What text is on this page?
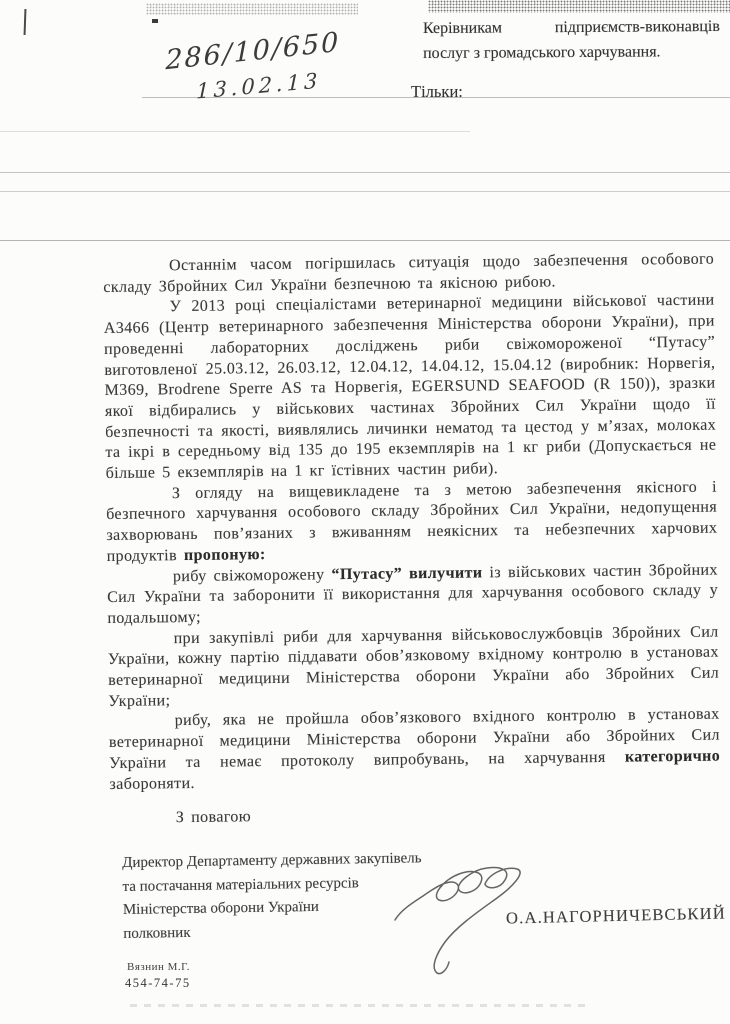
Керівникам підприємств-виконавців послуг з громадського харчування.
286/10/650
13.02.13	Тільки:

Останнім часом погіршилась ситуація щодо забезпечення особового складу Збройних Сил України безпечною та якісною рибою.

У 2013 році спеціалістами ветеринарної медицини військової частини А3466 (Центр ветеринарного забезпечення Міністерства оборони України), при проведенні лабораторних досліджень риби свіжомороженої “Путасу” виготовленої 25.03.12, 26.03.12, 12.04.12, 14.04.12, 15.04.12 (виробник: Норвегія, М369, Brodrene Sperre AS та Норвегія, EGERSUND SEAFOOD (R 150)), зразки якої відбирались у військових частинах Збройних Сил України щодо її безпечності та якості, виявлялись личинки нематод та цестод у м’язах, молоках та ікрі в середньому від 135 до 195 екземплярів на 1 кг риби (Допускається не більше 5 екземплярів на 1 кг їстівних частин риби).

З огляду на вищевикладене та з метою забезпечення якісного і безпечного харчування особового складу Збройних Сил України, недопущення захворювань пов’язаних з вживанням неякісних та небезпечних харчових продуктів пропоную:

рибу свіжоморожену “Путасу” вилучити із військових частин Збройних Сил України та заборонити її використання для харчування особового складу у подальшому;

при закупівлі риби для харчування військовослужбовців Збройних Сил України, кожну партію піддавати обов’язковому вхідному контролю в установах ветеринарної медицини Міністерства оборони України або Збройних Сил України;

рибу, яка не пройшла обов’язкового вхідного контролю в установах ветеринарної медицини Міністерства оборони України або Збройних Сил України та немає протоколу випробувань, на харчування категорично забороняти.

З повагою

Директор Департаменту державних закупівель
та постачання матеріальних ресурсів
Міністерства оборони України
полковник
О.А.НАГОРНИЧЕВСЬКИЙ
Вязнин М.Г.
454-74-75
